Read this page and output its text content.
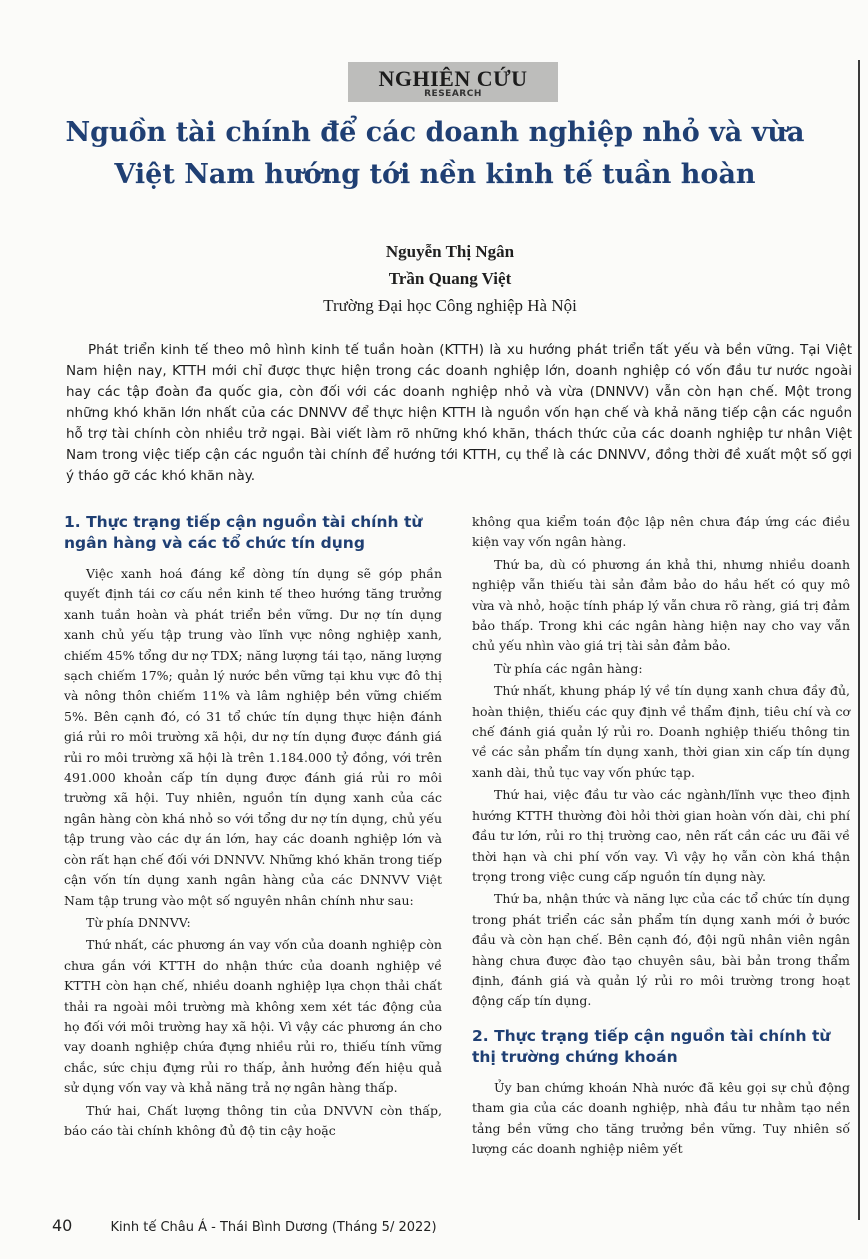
NGHIÊN CỨU
RESEARCH
Nguồn tài chính để các doanh nghiệp nhỏ và vừa
Việt Nam hướng tới nền kinh tế tuần hoàn
Nguyễn Thị Ngân
Trần Quang Việt
Trường Đại học Công nghiệp Hà Nội

Phát triển kinh tế theo mô hình kinh tế tuần hoàn (KTTH) là xu hướng phát triển tất yếu và bền vững. Tại Việt Nam hiện nay, KTTH mới chỉ được thực hiện trong các doanh nghiệp lớn, doanh nghiệp có vốn đầu tư nước ngoài hay các tập đoàn đa quốc gia, còn đối với các doanh nghiệp nhỏ và vừa (DNNVV) vẫn còn hạn chế. Một trong những khó khăn lớn nhất của các DNNVV để thực hiện KTTH là nguồn vốn hạn chế và khả năng tiếp cận các nguồn hỗ trợ tài chính còn nhiều trở ngại. Bài viết làm rõ những khó khăn, thách thức của các doanh nghiệp tư nhân Việt Nam trong việc tiếp cận các nguồn tài chính để hướng tới KTTH, cụ thể là các DNNVV, đồng thời đề xuất một số gợi ý tháo gỡ các khó khăn này.

1. Thực trạng tiếp cận nguồn tài chính từ ngân hàng và các tổ chức tín dụng

Việc xanh hoá đáng kể dòng tín dụng sẽ góp phần quyết định tái cơ cấu nền kinh tế theo hướng tăng trưởng xanh tuần hoàn và phát triển bền vững. Dư nợ tín dụng xanh chủ yếu tập trung vào lĩnh vực nông nghiệp xanh, chiếm 45% tổng dư nợ TDX; năng lượng tái tạo, năng lượng sạch chiếm 17%; quản lý nước bền vững tại khu vực đô thị và nông thôn chiếm 11% và lâm nghiệp bền vững chiếm 5%. Bên cạnh đó, có 31 tổ chức tín dụng thực hiện đánh giá rủi ro môi trường xã hội, dư nợ tín dụng được đánh giá rủi ro môi trường xã hội là trên 1.184.000 tỷ đồng, với trên 491.000 khoản cấp tín dụng được đánh giá rủi ro môi trường xã hội. Tuy nhiên, nguồn tín dụng xanh của các ngân hàng còn khá nhỏ so với tổng dư nợ tín dụng, chủ yếu tập trung vào các dự án lớn, hay các doanh nghiệp lớn và còn rất hạn chế đối với DNNVV. Những khó khăn trong tiếp cận vốn tín dụng xanh ngân hàng của các DNNVV Việt Nam tập trung vào một số nguyên nhân chính như sau:

Từ phía DNNVV:

Thứ nhất, các phương án vay vốn của doanh nghiệp còn chưa gắn với KTTH do nhận thức của doanh nghiệp về KTTH còn hạn chế, nhiều doanh nghiệp lựa chọn thải chất thải ra ngoài môi trường mà không xem xét tác động của họ đối với môi trường hay xã hội. Vì vậy các phương án cho vay doanh nghiệp chứa đựng nhiều rủi ro, thiếu tính vững chắc, sức chịu đựng rủi ro thấp, ảnh hưởng đến hiệu quả sử dụng vốn vay và khả năng trả nợ ngân hàng thấp.

Thứ hai, Chất lượng thông tin của DNVVN còn thấp, báo cáo tài chính không đủ độ tin cậy hoặc

không qua kiểm toán độc lập nên chưa đáp ứng các điều kiện vay vốn ngân hàng.

Thứ ba, dù có phương án khả thi, nhưng nhiều doanh nghiệp vẫn thiếu tài sản đảm bảo do hầu hết có quy mô vừa và nhỏ, hoặc tính pháp lý vẫn chưa rõ ràng, giá trị đảm bảo thấp. Trong khi các ngân hàng hiện nay cho vay vẫn chủ yếu nhìn vào giá trị tài sản đảm bảo.

Từ phía các ngân hàng:

Thứ nhất, khung pháp lý về tín dụng xanh chưa đầy đủ, hoàn thiện, thiếu các quy định về thẩm định, tiêu chí và cơ chế đánh giá quản lý rủi ro. Doanh nghiệp thiếu thông tin về các sản phẩm tín dụng xanh, thời gian xin cấp tín dụng xanh dài, thủ tục vay vốn phức tạp.

Thứ hai, việc đầu tư vào các ngành/lĩnh vực theo định hướng KTTH thường đòi hỏi thời gian hoàn vốn dài, chi phí đầu tư lớn, rủi ro thị trường cao, nên rất cần các ưu đãi về thời hạn và chi phí vốn vay. Vì vậy họ vẫn còn khá thận trọng trong việc cung cấp nguồn tín dụng này.

Thứ ba, nhận thức và năng lực của các tổ chức tín dụng trong phát triển các sản phẩm tín dụng xanh mới ở bước đầu và còn hạn chế. Bên cạnh đó, đội ngũ nhân viên ngân hàng chưa được đào tạo chuyên sâu, bài bản trong thẩm định, đánh giá và quản lý rủi ro môi trường trong hoạt động cấp tín dụng.

2. Thực trạng tiếp cận nguồn tài chính từ thị trường chứng khoán

Ủy ban chứng khoán Nhà nước đã kêu gọi sự chủ động tham gia của các doanh nghiệp, nhà đầu tư nhằm tạo nền tảng bền vững cho tăng trưởng bền vững. Tuy nhiên số lượng các doanh nghiệp niêm yết

40	Kinh tế Châu Á - Thái Bình Dương (Tháng 5/ 2022)
